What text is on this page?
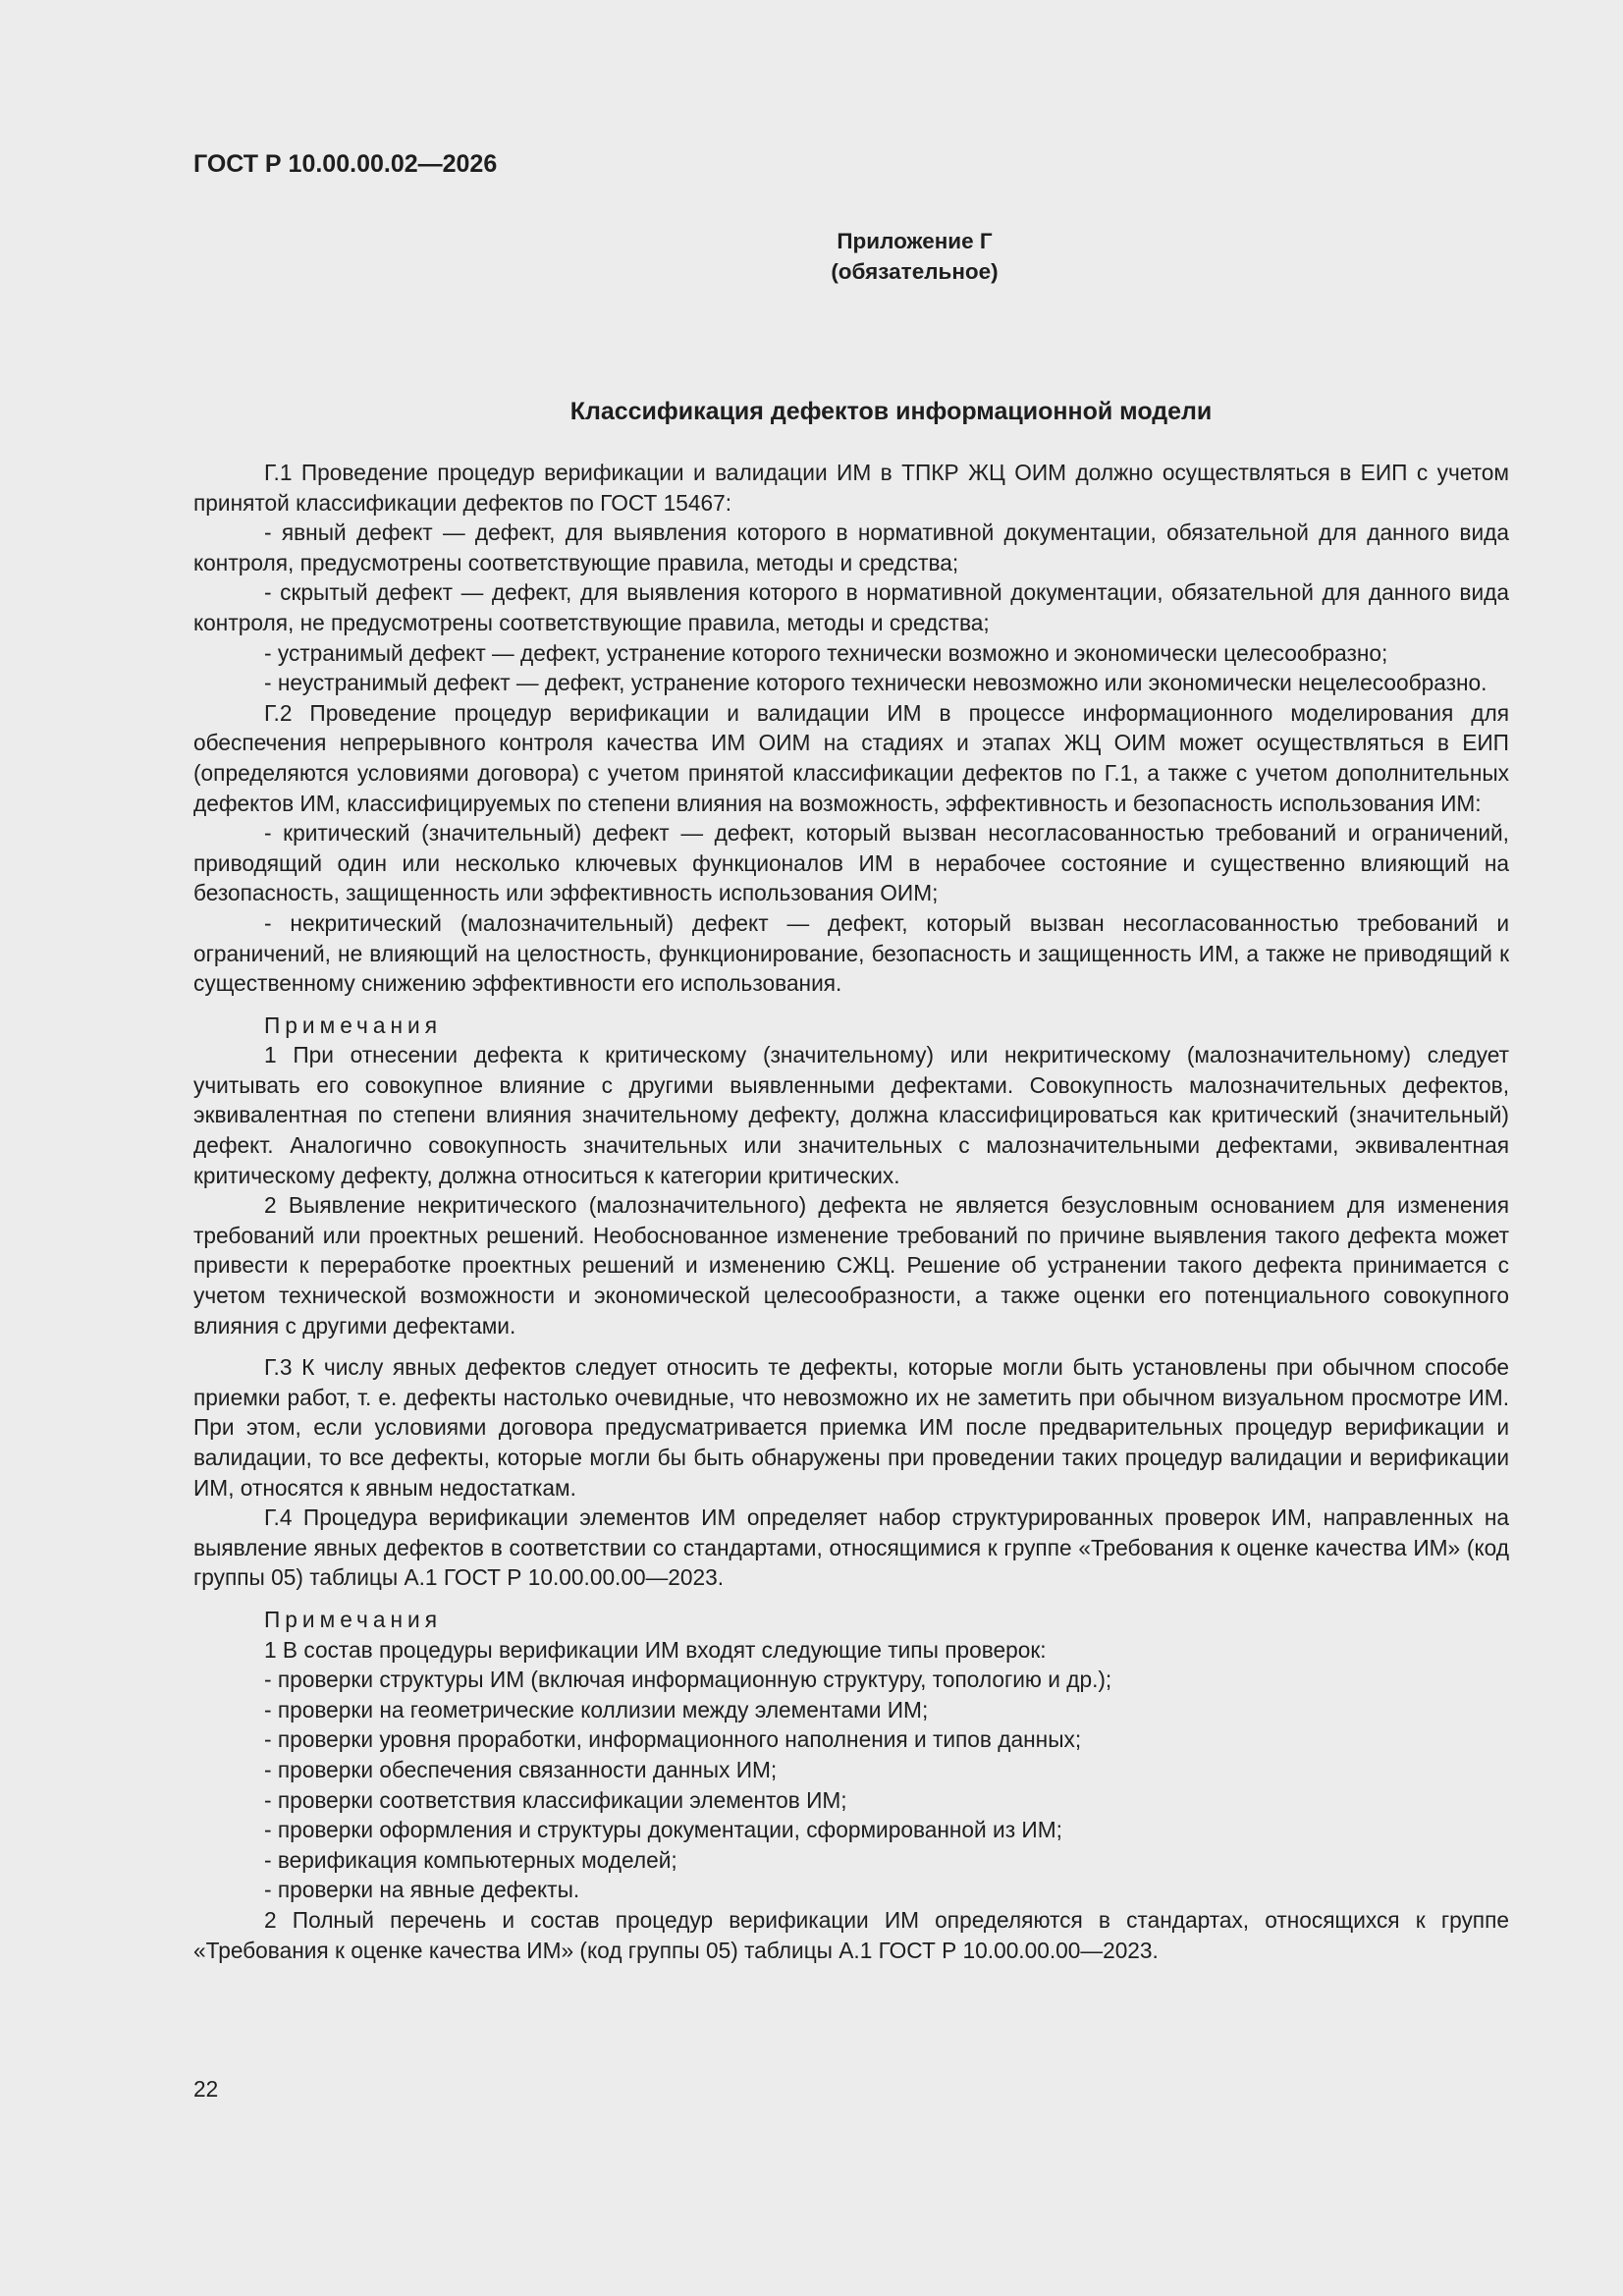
ГОСТ Р 10.00.00.02—2026
Приложение Г
(обязательное)
Классификация дефектов информационной модели

Г.1 Проведение процедур верификации и валидации ИМ в ТПКР ЖЦ ОИМ должно осуществляться в ЕИП с учетом принятой классификации дефектов по ГОСТ 15467:

- явный дефект — дефект, для выявления которого в нормативной документации, обязательной для данного вида контроля, предусмотрены соответствующие правила, методы и средства;

- скрытый дефект — дефект, для выявления которого в нормативной документации, обязательной для данного вида контроля, не предусмотрены соответствующие правила, методы и средства;

- устранимый дефект — дефект, устранение которого технически возможно и экономически целесообразно;

- неустранимый дефект — дефект, устранение которого технически невозможно или экономически нецелесообразно.

Г.2 Проведение процедур верификации и валидации ИМ в процессе информационного моделирования для обеспечения непрерывного контроля качества ИМ ОИМ на стадиях и этапах ЖЦ ОИМ может осуществляться в ЕИП (определяются условиями договора) с учетом принятой классификации дефектов по Г.1, а также с учетом дополнительных дефектов ИМ, классифицируемых по степени влияния на возможность, эффективность и безопасность использования ИМ:

- критический (значительный) дефект — дефект, который вызван несогласованностью требований и ограничений, приводящий один или несколько ключевых функционалов ИМ в нерабочее состояние и существенно влияющий на безопасность, защищенность или эффективность использования ОИМ;

- некритический (малозначительный) дефект — дефект, который вызван несогласованностью требований и ограничений, не влияющий на целостность, функционирование, безопасность и защищенность ИМ, а также не приводящий к существенному снижению эффективности его использования.

Примечания

1 При отнесении дефекта к критическому (значительному) или некритическому (малозначительному) следует учитывать его совокупное влияние с другими выявленными дефектами. Совокупность малозначительных дефектов, эквивалентная по степени влияния значительному дефекту, должна классифицироваться как критический (значительный) дефект. Аналогично совокупность значительных или значительных с малозначительными дефектами, эквивалентная критическому дефекту, должна относиться к категории критических.

2 Выявление некритического (малозначительного) дефекта не является безусловным основанием для изменения требований или проектных решений. Необоснованное изменение требований по причине выявления такого дефекта может привести к переработке проектных решений и изменению СЖЦ. Решение об устранении такого дефекта принимается с учетом технической возможности и экономической целесообразности, а также оценки его потенциального совокупного влияния с другими дефектами.

Г.3 К числу явных дефектов следует относить те дефекты, которые могли быть установлены при обычном способе приемки работ, т. е. дефекты настолько очевидные, что невозможно их не заметить при обычном визуальном просмотре ИМ. При этом, если условиями договора предусматривается приемка ИМ после предварительных процедур верификации и валидации, то все дефекты, которые могли бы быть обнаружены при проведении таких процедур валидации и верификации ИМ, относятся к явным недостаткам.

Г.4 Процедура верификации элементов ИМ определяет набор структурированных проверок ИМ, направленных на выявление явных дефектов в соответствии со стандартами, относящимися к группе «Требования к оценке качества ИМ» (код группы 05) таблицы А.1 ГОСТ Р 10.00.00.00—2023.

Примечания

1 В состав процедуры верификации ИМ входят следующие типы проверок:

- проверки структуры ИМ (включая информационную структуру, топологию и др.);

- проверки на геометрические коллизии между элементами ИМ;

- проверки уровня проработки, информационного наполнения и типов данных;

- проверки обеспечения связанности данных ИМ;

- проверки соответствия классификации элементов ИМ;

- проверки оформления и структуры документации, сформированной из ИМ;

- верификация компьютерных моделей;

- проверки на явные дефекты.

2 Полный перечень и состав процедур верификации ИМ определяются в стандартах, относящихся к группе «Требования к оценке качества ИМ» (код группы 05) таблицы А.1 ГОСТ Р 10.00.00.00—2023.

22
